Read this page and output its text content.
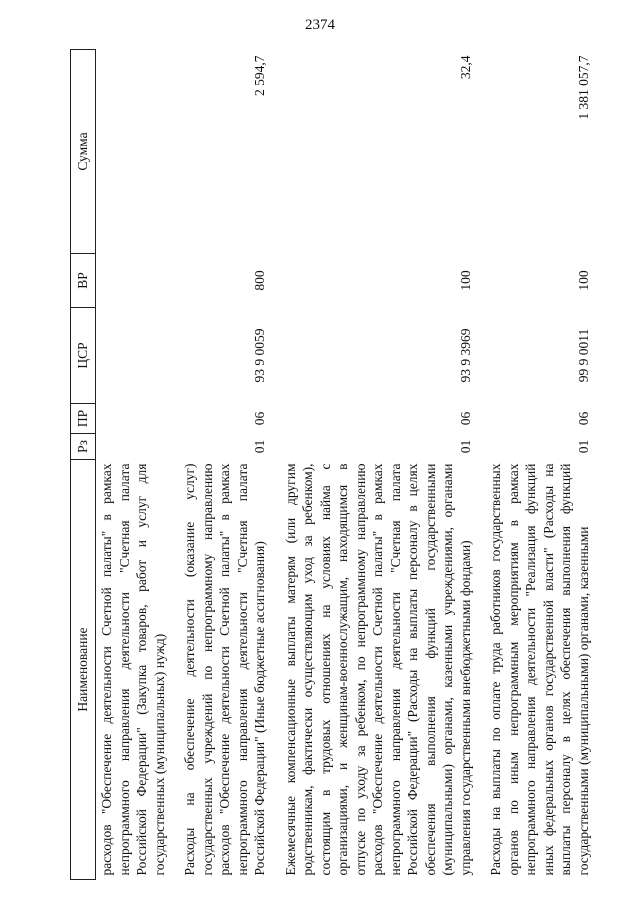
2374
Наименование	Рз	ПР	ЦСР	ВР	Сумма
расходов "Обеспечение деятельности Счетной палаты" в рамках непрограммного направления деятельности "Счетная палата Российской Федерации" (Закупка товаров, работ и услуг для государственных (муниципальных) нужд)					
Расходы на обеспечение деятельности (оказание услуг) государственных учреждений по непрограммному направлению расходов "Обеспечение деятельности Счетной палаты" в рамках непрограммного направления деятельности "Счетная палата Российской Федерации" (Иные бюджетные ассигнования)	01	06	93 9 0059	800	2 594,7
Ежемесячные компенсационные выплаты матерям (или другим родственникам, фактически осуществляющим уход за ребенком), состоящим в трудовых отношениях на условиях найма с организациями, и женщинам-военнослужащим, находящимся в отпуске по уходу за ребенком, по непрограммному направлению расходов "Обеспечение деятельности Счетной палаты" в рамках непрограммного направления деятельности "Счетная палата Российской Федерации" (Расходы на выплаты персоналу в целях обеспечения выполнения функций государственными (муниципальными) органами, казенными учреждениями, органами управления государственными внебюджетными фондами)	01	06	93 9 3969	100	32,4
Расходы на выплаты по оплате труда работников государственных органов по иным непрограммным мероприятиям в рамках непрограммного направления деятельности "Реализация функций иных федеральных органов государственной власти" (Расходы на выплаты персоналу в целях обеспечения выполнения функций государственными (муниципальными) органами, казенными	01	06	99 9 0011	100	1 381 057,7
